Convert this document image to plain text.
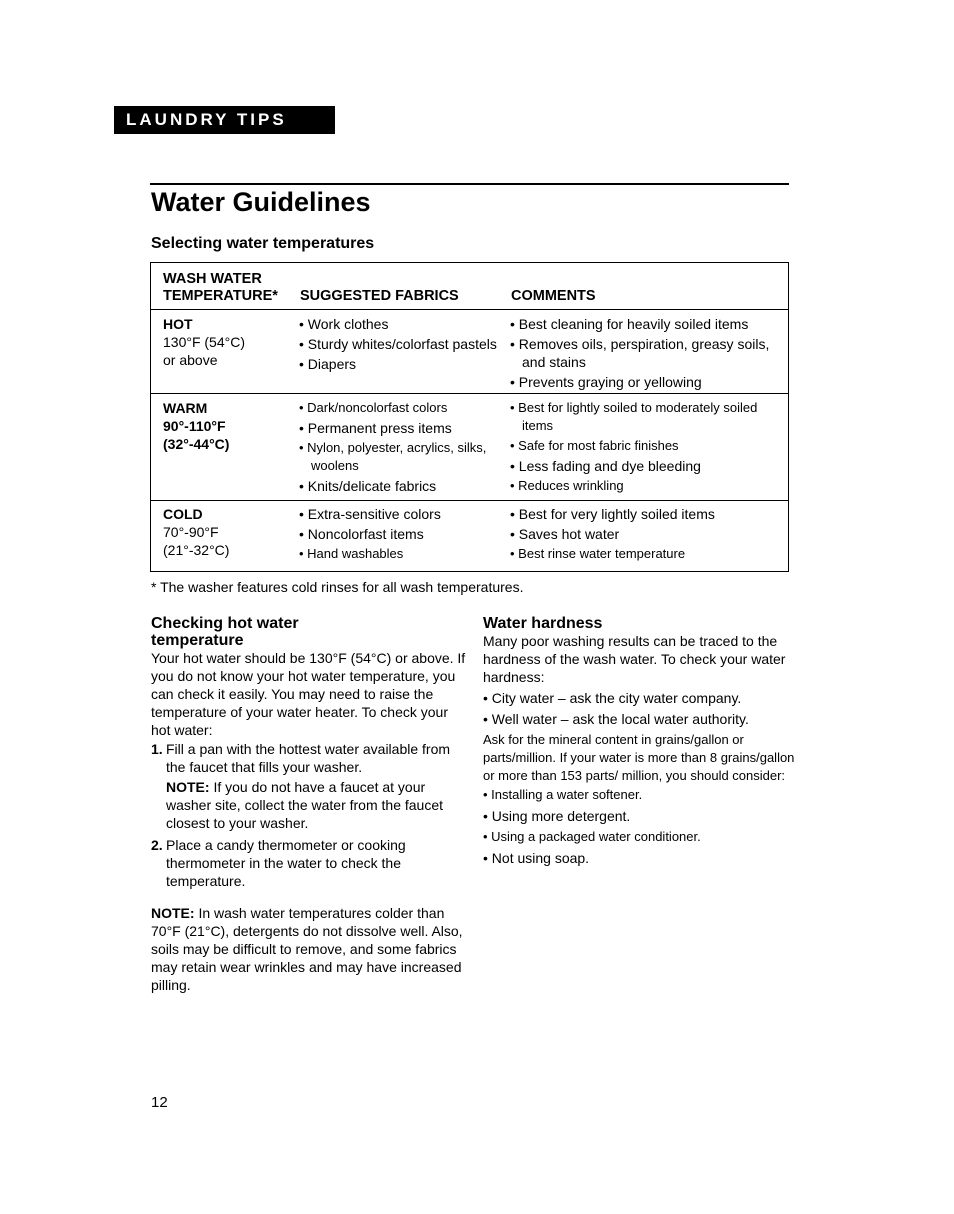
LAUNDRY TIPS
Water Guidelines
Selecting water temperatures
WASH WATER
TEMPERATURE* SUGGESTED FABRICS	COMMENTS
HOT
130°F (54°C)
or above

• Work clothes

• Sturdy whites/colorfast pastels

• Diapers

• Best cleaning for heavily soiled items

• Removes oils, perspiration, greasy soils, and stains

• Prevents graying or yellowing

WARM
90°-110°F
(32°-44°C)

• Dark/noncolorfast colors

• Permanent press items

• Nylon, polyester, acrylics, silks, woolens

• Knits/delicate fabrics

• Best for lightly soiled to moderately soiled items

• Safe for most fabric finishes

• Less fading and dye bleeding

• Reduces wrinkling

COLD
70°-90°F
(21°-32°C)

• Extra-sensitive colors

• Noncolorfast items

• Hand washables

• Best for very lightly soiled items

• Saves hot water

• Best rinse water temperature

* The washer features cold rinses for all wash temperatures.
Checking hot water
temperature

Your hot water should be 130°F (54°C) or above. If you do not know your hot water temperature, you can check it easily. You may need to raise the temperature of your water heater. To check your hot water:

1. Fill a pan with the hottest water available from the faucet that fills your washer.

NOTE: If you do not have a faucet at your washer site, collect the water from the faucet closest to your washer.

2. Place a candy thermometer or cooking thermometer in the water to check the temperature.

NOTE: In wash water temperatures colder than 70°F (21°C), detergents do not dissolve well. Also, soils may be difficult to remove, and some fabrics may retain wear wrinkles and may have increased pilling.

Water hardness

Many poor washing results can be traced to the hardness of the wash water. To check your water hardness:

• City water – ask the city water company.

• Well water – ask the local water authority.

Ask for the mineral content in grains/gallon or parts/million. If your water is more than 8 grains/gallon or more than 153 parts/ million, you should consider:

• Installing a water softener.

• Using more detergent.

• Using a packaged water conditioner.

• Not using soap.

12
